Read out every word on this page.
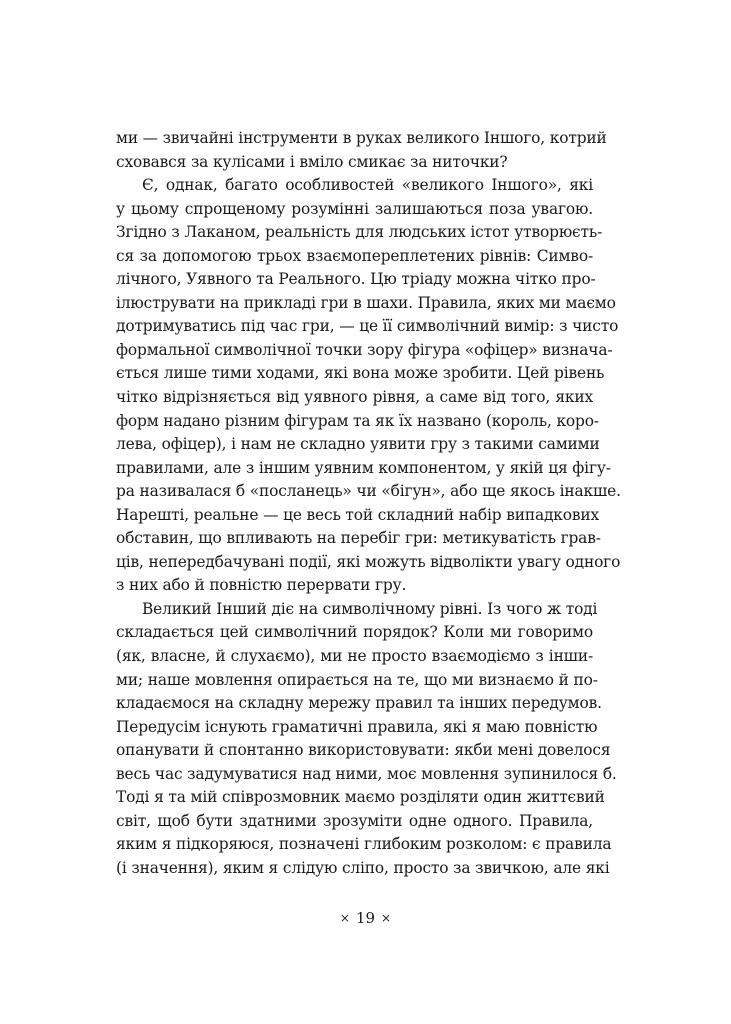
ми — звичайні інструменти в руках великого Іншого, котрий
сховався за кулісами і вміло смикає за ниточки?
Є, однак, багато особливостей «великого Іншого», які
у цьому спрощеному розумінні залишаються поза увагою.
Згідно з Лаканом, реальність для людських істот утворюєть-
ся за допомогою трьох взаємопереплетених рівнів: Симво-
лічного, Уявного та Реального. Цю тріаду можна чітко про-
ілюструвати на прикладі гри в шахи. Правила, яких ми маємо
дотримуватись під час гри, — це її символічний вимір: з чисто
формальної символічної точки зору фігура «офіцер» визнача-
ється лише тими ходами, які вона може зробити. Цей рівень
чітко відрізняється від уявного рівня, а саме від того, яких
форм надано різним фігурам та як їх названо (король, коро-
лева, офіцер), і нам не складно уявити гру з такими самими
правилами, але з іншим уявним компонентом, у якій ця фігу-
ра називалася б «посланець» чи «бігун», або ще якось інакше.
Нарешті, реальне — це весь той складний набір випадкових
обставин, що впливають на перебіг гри: метикуватість грав-
ців, непередбачувані події, які можуть відволікти увагу одного
з них або й повністю перервати гру.
Великий Інший діє на символічному рівні. Із чого ж тоді
складається цей символічний порядок? Коли ми говоримо
(як, власне, й слухаємо), ми не просто взаємодіємо з інши-
ми; наше мовлення опирається на те, що ми визнаємо й по-
кладаємося на складну мережу правил та інших передумов.
Передусім існують граматичні правила, які я маю повністю
опанувати й спонтанно використовувати: якби мені довелося
весь час задумуватися над ними, моє мовлення зупинилося б.
Тоді я та мій співрозмовник маємо розділяти один життєвий
світ, щоб бути здатними зрозуміти одне одного. Правила,
яким я підкоряюся, позначені глибоким розколом: є правила
(і значення), яким я слідую сліпо, просто за звичкою, але які
× 19 ×
